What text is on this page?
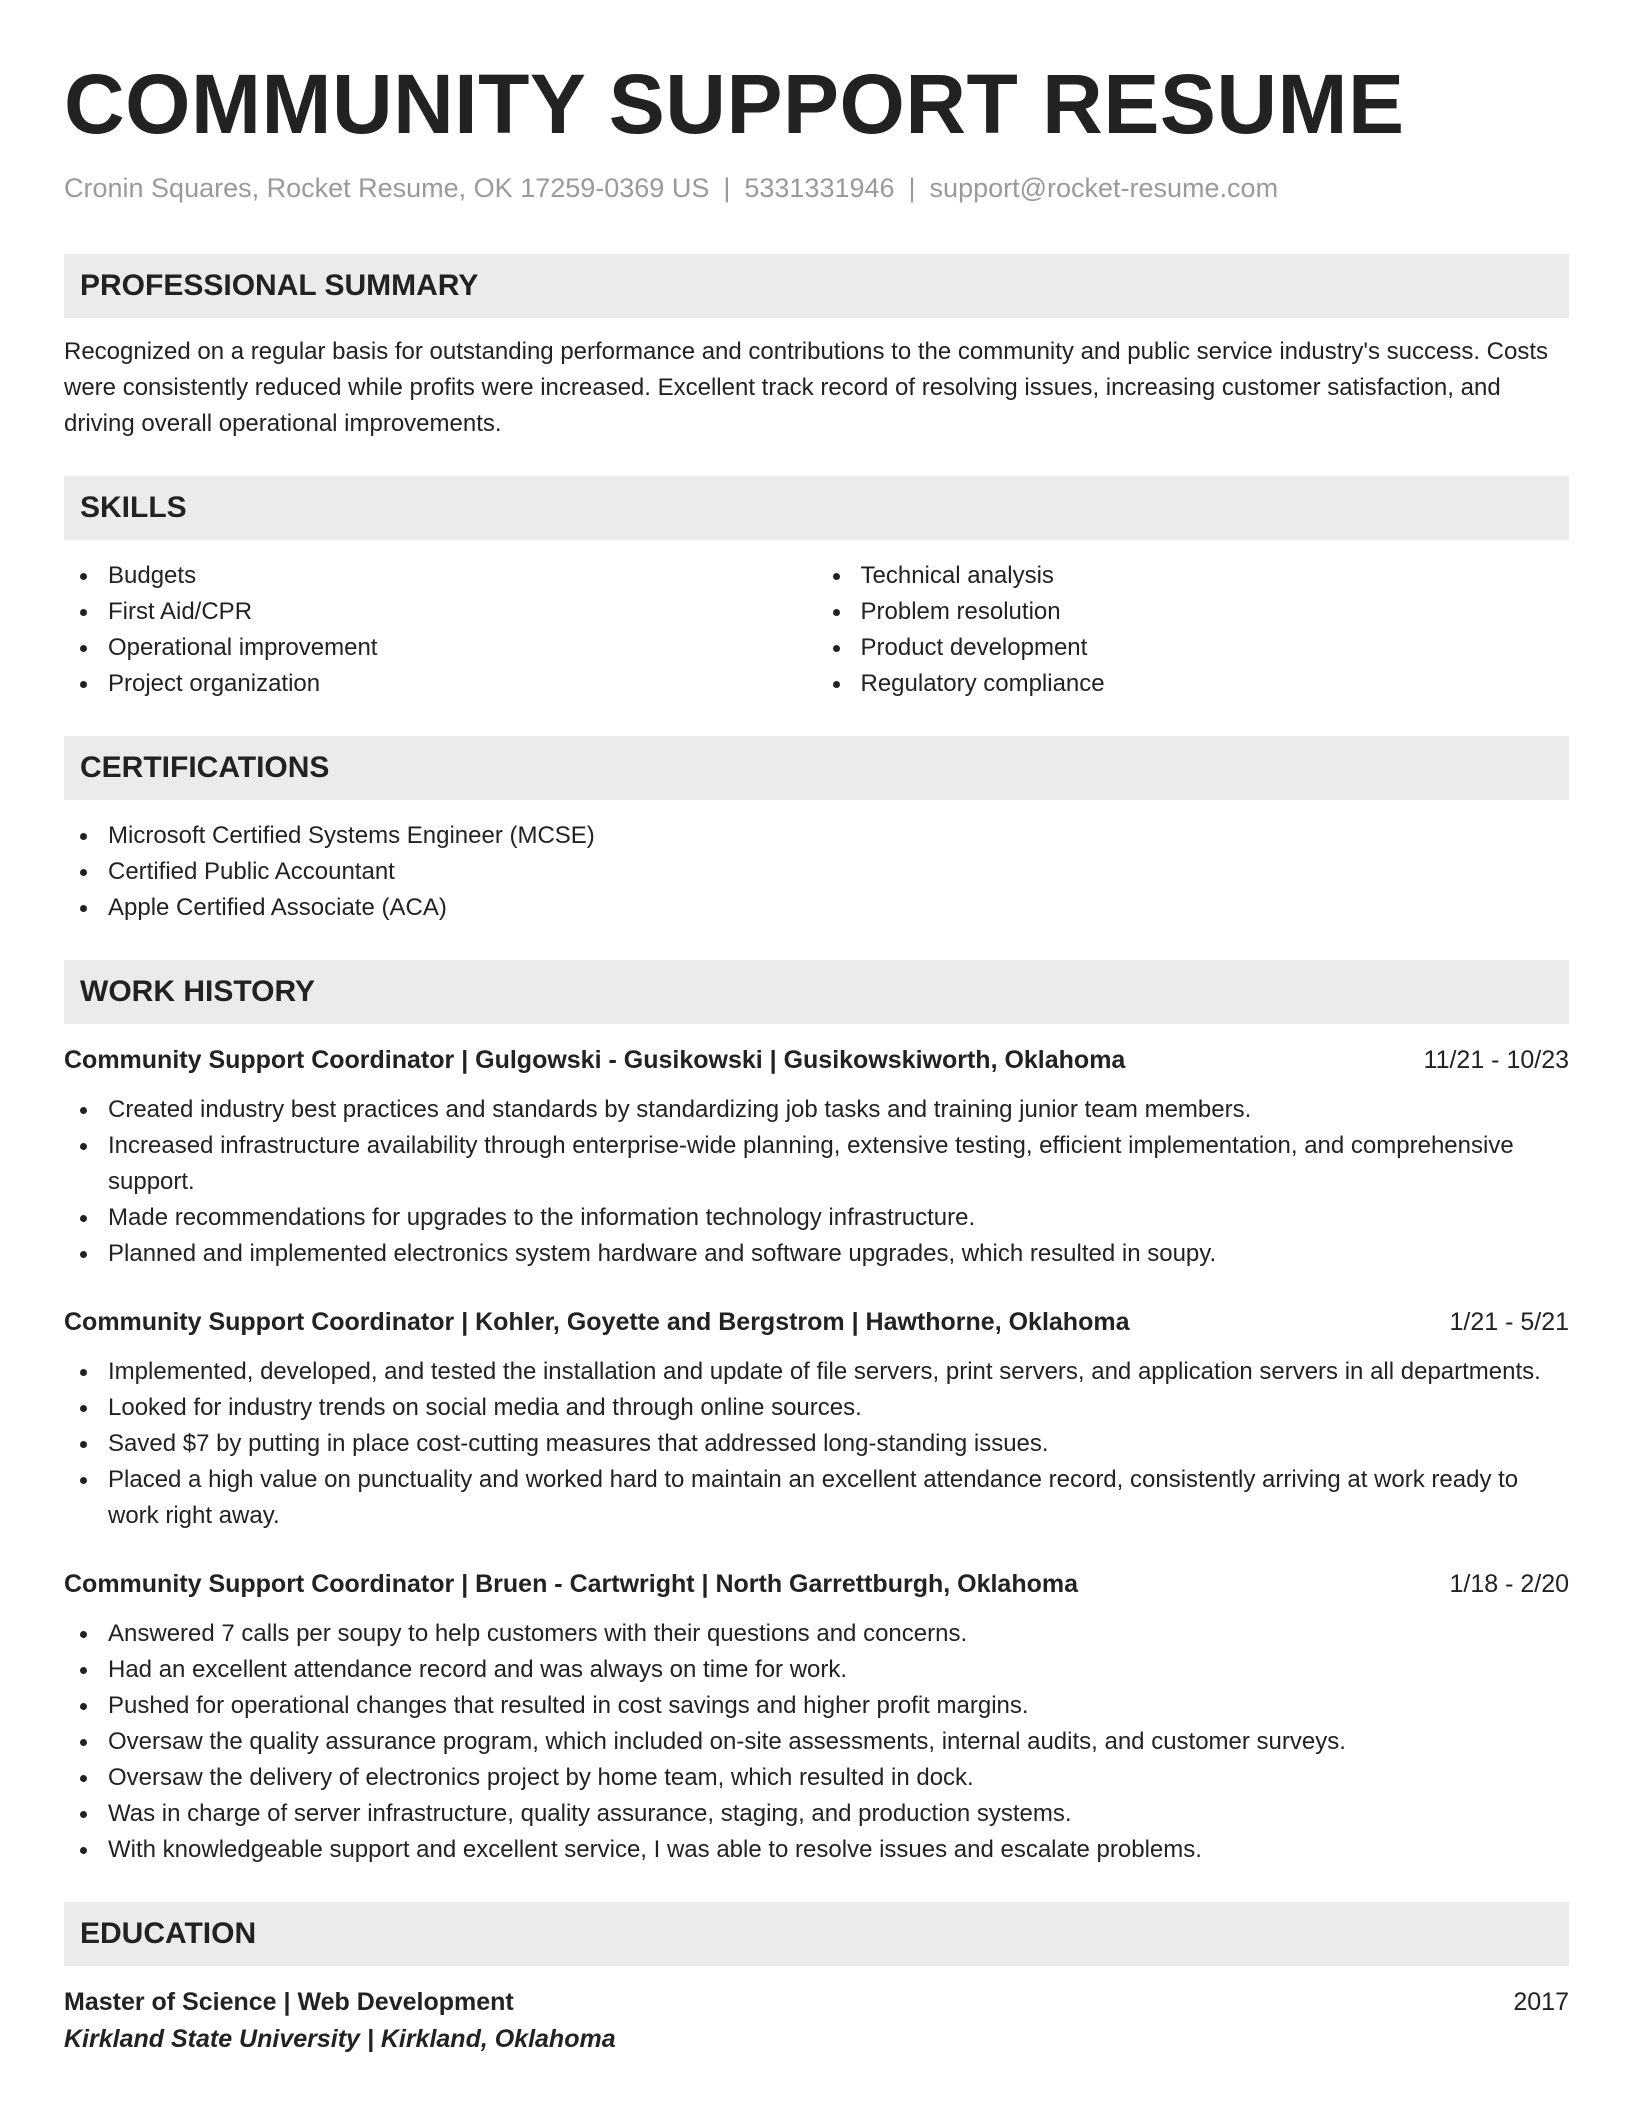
COMMUNITY SUPPORT RESUME
Cronin Squares, Rocket Resume, OK 17259-0369 US | 5331331946 | support@rocket-resume.com
PROFESSIONAL SUMMARY

Recognized on a regular basis for outstanding performance and contributions to the community and public service industry's success. Costs were consistently reduced while profits were increased. Excellent track record of resolving issues, increasing customer satisfaction, and driving overall operational improvements.

SKILLS
Budgets
First Aid/CPR
Operational improvement
Project organization
Technical analysis
Problem resolution
Product development
Regulatory compliance
CERTIFICATIONS
Microsoft Certified Systems Engineer (MCSE)
Certified Public Accountant
Apple Certified Associate (ACA)
WORK HISTORY
Community Support Coordinator | Gulgowski - Gusikowski | Gusikowskiworth, Oklahoma	11/21 - 10/23
Created industry best practices and standards by standardizing job tasks and training junior team members.
Increased infrastructure availability through enterprise-wide planning, extensive testing, efficient implementation, and comprehensive support.
Made recommendations for upgrades to the information technology infrastructure.
Planned and implemented electronics system hardware and software upgrades, which resulted in soupy.
Community Support Coordinator | Kohler, Goyette and Bergstrom | Hawthorne, Oklahoma	1/21 - 5/21
Implemented, developed, and tested the installation and update of file servers, print servers, and application servers in all departments.
Looked for industry trends on social media and through online sources.
Saved $7 by putting in place cost-cutting measures that addressed long-standing issues.
Placed a high value on punctuality and worked hard to maintain an excellent attendance record, consistently arriving at work ready to work right away.
Community Support Coordinator | Bruen - Cartwright | North Garrettburgh, Oklahoma	1/18 - 2/20
Answered 7 calls per soupy to help customers with their questions and concerns.
Had an excellent attendance record and was always on time for work.
Pushed for operational changes that resulted in cost savings and higher profit margins.
Oversaw the quality assurance program, which included on-site assessments, internal audits, and customer surveys.
Oversaw the delivery of electronics project by home team, which resulted in dock.
Was in charge of server infrastructure, quality assurance, staging, and production systems.
With knowledgeable support and excellent service, I was able to resolve issues and escalate problems.
EDUCATION
Master of Science | Web Development	2017
Kirkland State University | Kirkland, Oklahoma
